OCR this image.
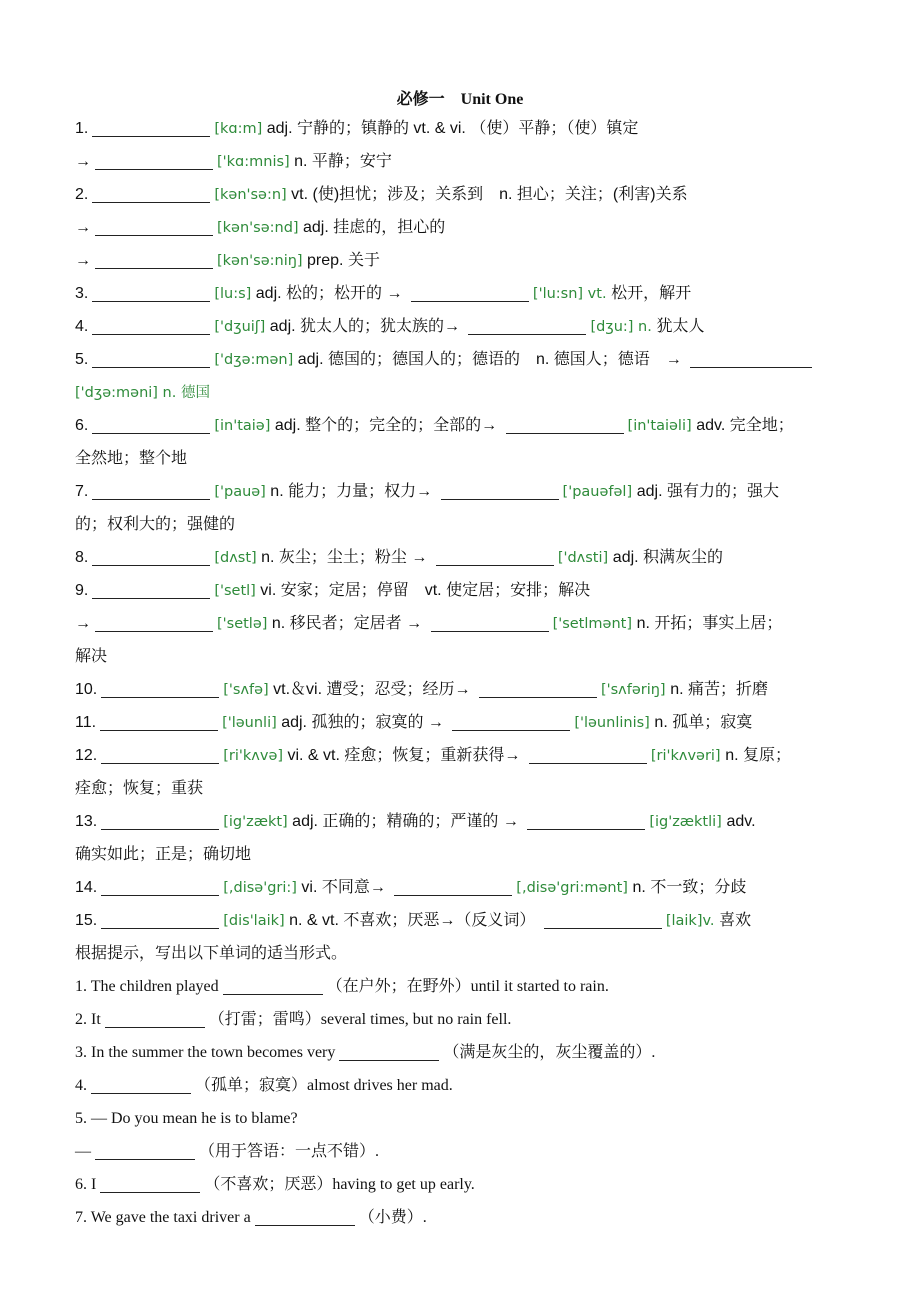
必修一　Unit One
1.	[kɑ:m] adj. 宁静的；镇静的 vt. & vi. （使）平静；（使）镇定
→	['kɑ:mnis] n. 平静；安宁
2.	[kən'sə:n] vt. (使)担忧；涉及；关系到　n. 担心；关注；(利害)关系
→	[kən'sə:nd] adj. 挂虑的，担心的
→	[kən'sə:niŋ] prep. 关于
3.	[lu:s] adj. 松的；松开的 →	['lu:sn] vt. 松开，解开
4.	['dʒuiʃ] adj. 犹太人的；犹太族的→	[dʒu:] n. 犹太人
5.	['dʒə:mən] adj. 德国的；德国人的；德语的　n. 德国人；德语　→
['dʒə:məni] n. 德国
6.	[in'taiə] adj. 整个的；完全的；全部的→	[in'taiəli] adv. 完全地；
全然地；整个地
7.	['pauə] n. 能力；力量；权力→	['pauəfəl] adj. 强有力的；强大
的；权利大的；强健的
8.	[dʌst] n. 灰尘；尘土；粉尘 →	['dʌsti] adj. 积满灰尘的
9.	['setl] vi. 安家；定居；停留　vt. 使定居；安排；解决
→	['setlə] n. 移民者；定居者 →	['setlmənt] n. 开拓；事实上居；
解决
10.	['sʌfə] vt.＆vi. 遭受；忍受；经历→	['sʌfəriŋ] n. 痛苦；折磨
11.	['ləunli] adj. 孤独的；寂寞的 →	['ləunlinis] n. 孤单；寂寞
12.	[ri'kʌvə] vi. & vt. 痊愈；恢复；重新获得→	[ri'kʌvəri] n. 复原；
痊愈；恢复；重获
13.	[ig'zækt] adj. 正确的；精确的；严谨的 →	[ig'zæktli] adv.
确实如此；正是；确切地
14.	[,disə'gri:] vi. 不同意→	[,disə'gri:mənt] n. 不一致；分歧
15.	[dis'laik] n. & vt. 不喜欢；厌恶→（反义词）	[laik]v. 喜欢
根据提示，写出以下单词的适当形式。
1. The children played	（在户外；在野外）until it started to rain.
2. It	（打雷；雷鸣）several times, but no rain fell.
3. In the summer the town becomes very	（满是灰尘的，灰尘覆盖的）.
4.	（孤单；寂寞）almost drives her mad.
5. — Do you mean he is to blame?
—	（用于答语：一点不错）.
6. I	（不喜欢；厌恶）having to get up early.
7. We gave the taxi driver a	（小费）.
